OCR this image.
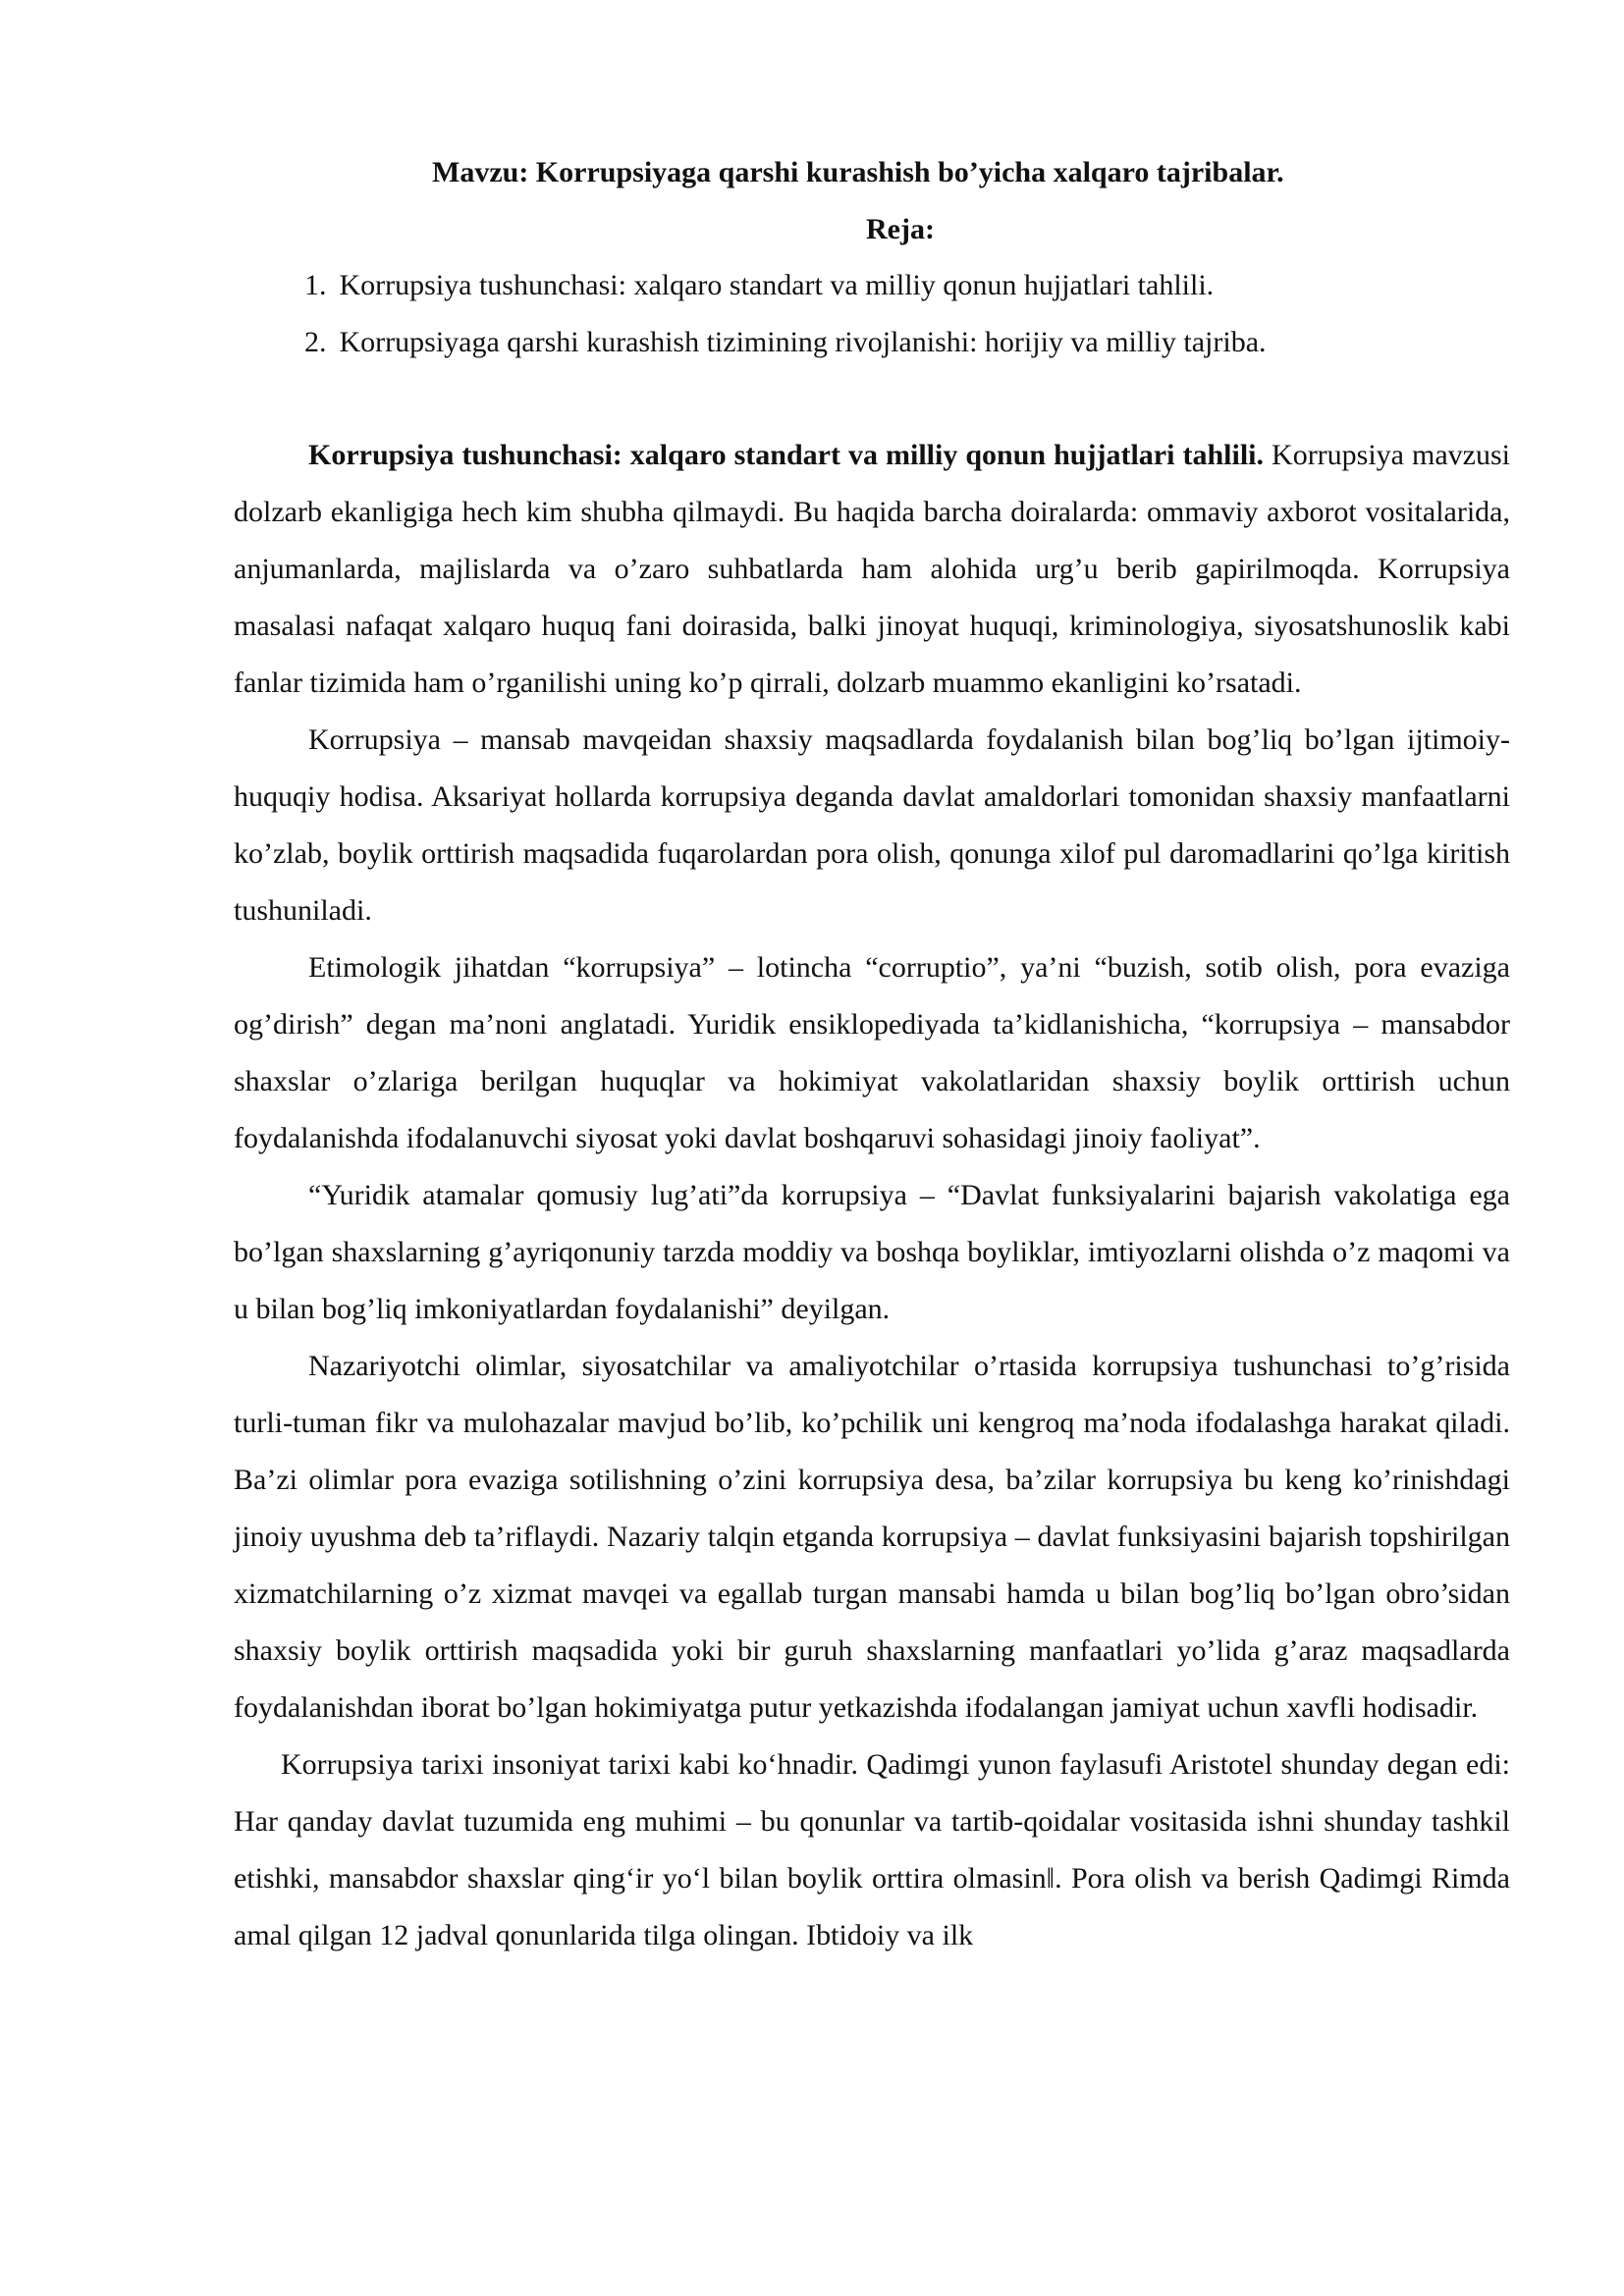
Mavzu: Korrupsiyaga qarshi kurashish bo’yicha xalqaro tajribalar.
Reja:
1. Korrupsiya tushunchasi: xalqaro standart va milliy qonun hujjatlari tahlili.
2. Korrupsiyaga qarshi kurashish tizimining rivojlanishi: horijiy va milliy tajriba.

Korrupsiya tushunchasi: xalqaro standart va milliy qonun hujjatlari tahlili. Korrupsiya mavzusi dolzarb ekanligiga hech kim shubha qilmaydi. Bu haqida barcha doiralarda: ommaviy axborot vositalarida, anjumanlarda, majlislarda va o’zaro suhbatlarda ham alohida urg’u berib gapirilmoqda. Korrupsiya masalasi nafaqat xalqaro huquq fani doirasida, balki jinoyat huquqi, kriminologiya, siyosatshunoslik kabi fanlar tizimida ham o’rganilishi uning ko’p qirrali, dolzarb muammo ekanligini ko’rsatadi.

Korrupsiya – mansab mavqeidan shaxsiy maqsadlarda foydalanish bilan bog’liq bo’lgan ijtimoiy-huquqiy hodisa. Aksariyat hollarda korrupsiya deganda davlat amaldorlari tomonidan shaxsiy manfaatlarni ko’zlab, boylik orttirish maqsadida fuqarolardan pora olish, qonunga xilof pul daromadlarini qo’lga kiritish tushuniladi.

Etimologik jihatdan “korrupsiya” – lotincha “corruptio”, ya’ni “buzish, sotib olish, pora evaziga og’dirish” degan ma’noni anglatadi. Yuridik ensiklopediyada ta’kidlanishicha, “korrupsiya – mansabdor shaxslar o’zlariga berilgan huquqlar va hokimiyat vakolatlaridan shaxsiy boylik orttirish uchun foydalanishda ifodalanuvchi siyosat yoki davlat boshqaruvi sohasidagi jinoiy faoliyat”.

“Yuridik atamalar qomusiy lug’ati”da korrupsiya – “Davlat funksiyalarini bajarish vakolatiga ega bo’lgan shaxslarning g’ayriqonuniy tarzda moddiy va boshqa boyliklar, imtiyozlarni olishda o’z maqomi va u bilan bog’liq imkoniyatlardan foydalanishi” deyilgan.

Nazariyotchi olimlar, siyosatchilar va amaliyotchilar o’rtasida korrupsiya tushunchasi to’g’risida turli-tuman fikr va mulohazalar mavjud bo’lib, ko’pchilik uni kengroq ma’noda ifodalashga harakat qiladi. Ba’zi olimlar pora evaziga sotilishning o’zini korrupsiya desa, ba’zilar korrupsiya bu keng ko’rinishdagi jinoiy uyushma deb ta’riflaydi. Nazariy talqin etganda korrupsiya – davlat funksiyasini bajarish topshirilgan xizmatchilarning o’z xizmat mavqei va egallab turgan mansabi hamda u bilan bog’liq bo’lgan obro’sidan shaxsiy boylik orttirish maqsadida yoki bir guruh shaxslarning manfaatlari yo’lida g’araz maqsadlarda foydalanishdan iborat bo’lgan hokimiyatga putur yetkazishda ifodalangan jamiyat uchun xavfli hodisadir.

Korrupsiya tarixi insoniyat tarixi kabi ko‘hnadir. Qadimgi yunon faylasufi Aristotel shunday degan edi: Har qanday davlat tuzumida eng muhimi – bu qonunlar va tartib-qoidalar vositasida ishni shunday tashkil etishki, mansabdor shaxslar qing‘ir yo‘l bilan boylik orttira olmasin‖. Pora olish va berish Qadimgi Rimda amal qilgan 12 jadval qonunlarida tilga olingan. Ibtidoiy va ilk
